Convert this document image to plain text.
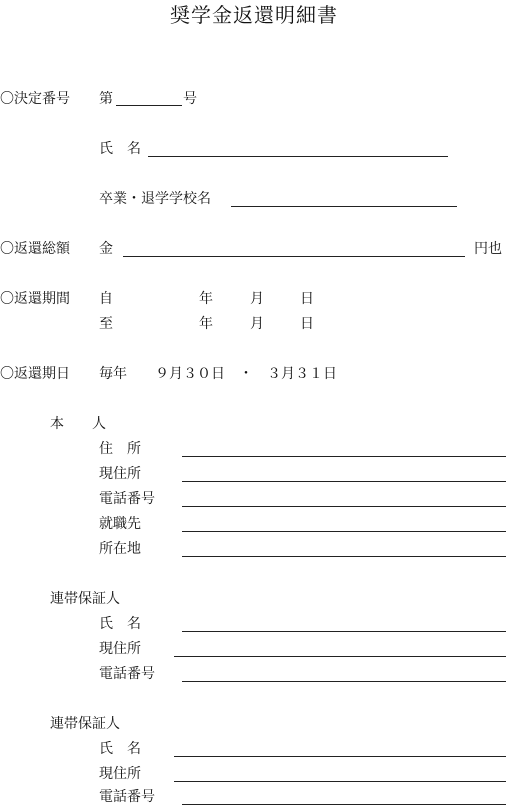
奨学金返還明細書
〇決定番号 第	号
氏　名
卒業・退学学校名
〇返還総額 金	円也
〇返還期間 自	年	月	日
至	年	月	日
〇返還期日 毎年　　９月３０日　・　３月３１日
本　　人
住　所
現住所
電話番号
就職先
所在地
連帯保証人
氏　名
現住所
電話番号
連帯保証人
氏　名
現住所
電話番号
